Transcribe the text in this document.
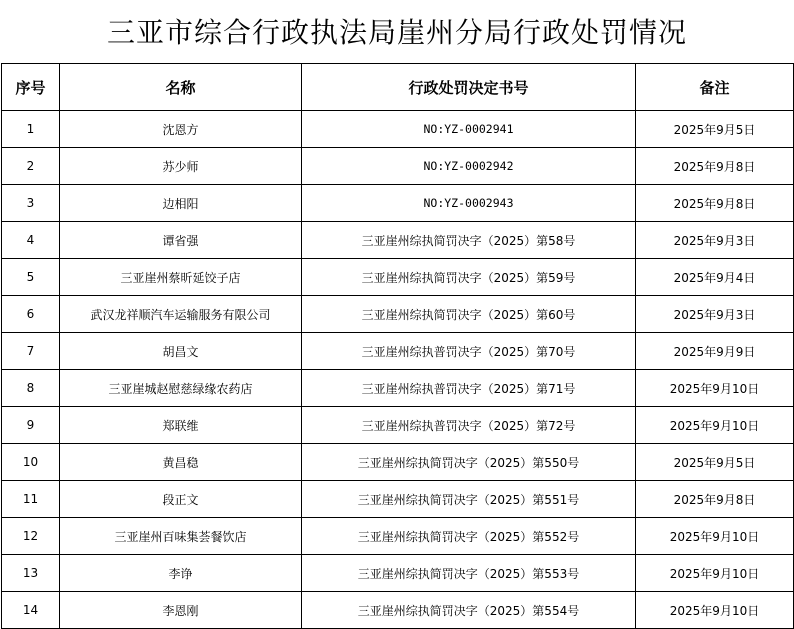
三亚市综合行政执法局崖州分局行政处罚情况
序号	名称	行政处罚决定书号	备注
1	沈恩方	NO:YZ-0002941	2025年9月5日
2	苏少师	NO:YZ-0002942	2025年9月8日
3	边相阳	NO:YZ-0002943	2025年9月8日
4	谭省强	三亚崖州综执简罚决字（2025）第58号	2025年9月3日
5	三亚崖州蔡昕延饺子店	三亚崖州综执简罚决字（2025）第59号	2025年9月4日
6	武汉龙祥顺汽车运输服务有限公司	三亚崖州综执简罚决字（2025）第60号	2025年9月3日
7	胡昌文	三亚崖州综执普罚决字（2025）第70号	2025年9月9日
8	三亚崖城赵慰慈绿缘农药店	三亚崖州综执普罚决字（2025）第71号	2025年9月10日
9	郑联维	三亚崖州综执普罚决字（2025）第72号	2025年9月10日
10	黄昌稳	三亚崖州综执简罚决字（2025）第550号	2025年9月5日
11	段正文	三亚崖州综执简罚决字（2025）第551号	2025年9月8日
12	三亚崖州百味集荟餐饮店	三亚崖州综执简罚决字（2025）第552号	2025年9月10日
13	李诤	三亚崖州综执简罚决字（2025）第553号	2025年9月10日
14	李恩刚	三亚崖州综执简罚决字（2025）第554号	2025年9月10日
